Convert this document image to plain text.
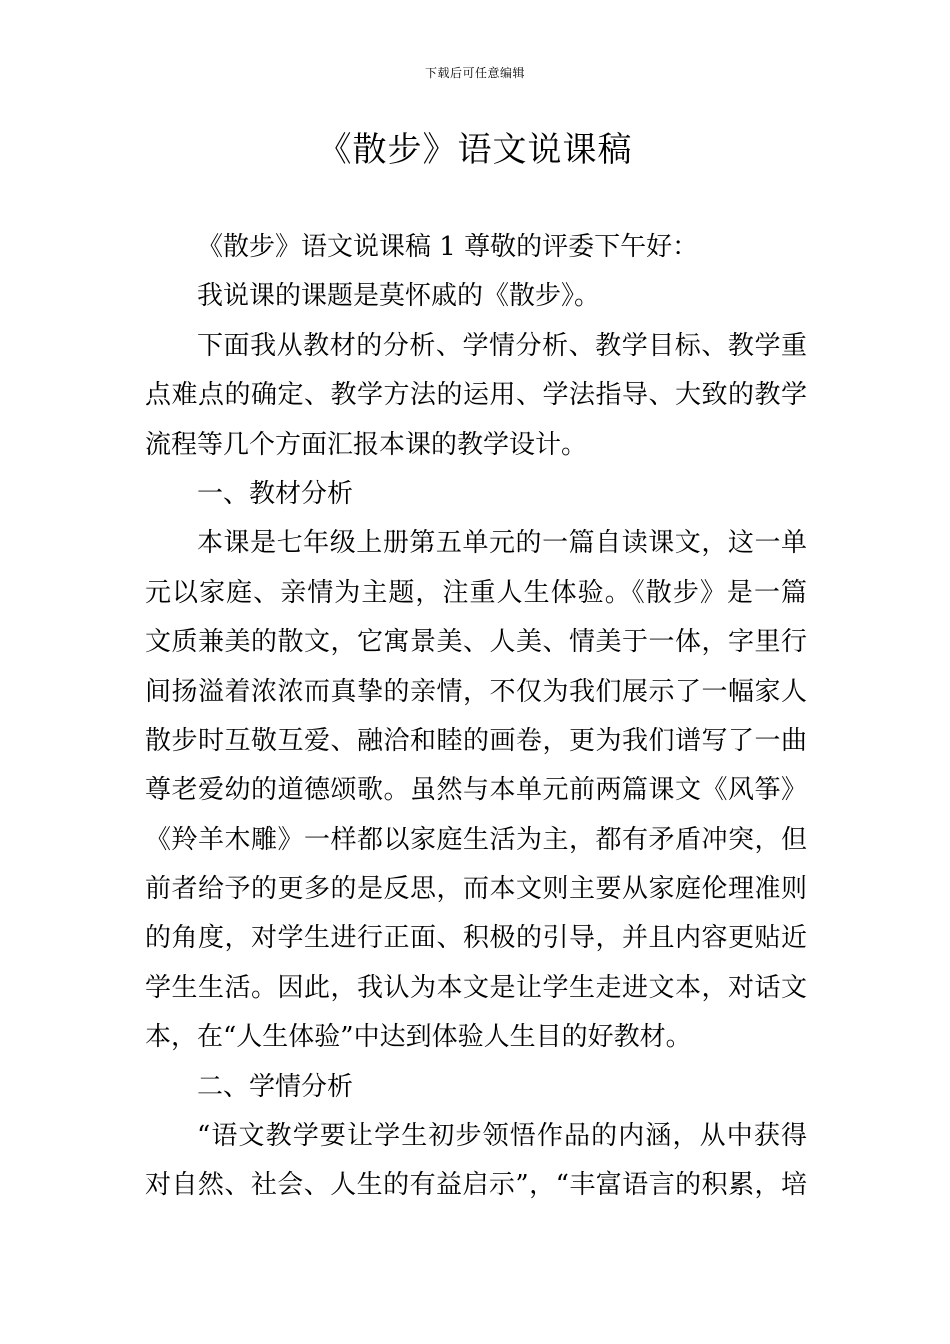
下载后可任意编辑
《散步》语文说课稿
《散步》语文说课稿 1 尊敬的评委下午好：
我说课的课题是莫怀戚的《散步》。
下面我从教材的分析、学情分析、教学目标、教学重
点难点的确定、教学方法的运用、学法指导、大致的教学
流程等几个方面汇报本课的教学设计。
一、教材分析
本课是七年级上册第五单元的一篇自读课文，这一单
元以家庭、亲情为主题，注重人生体验。《散步》是一篇
文质兼美的散文，它寓景美、人美、情美于一体，字里行
间扬溢着浓浓而真挚的亲情，不仅为我们展示了一幅家人
散步时互敬互爱、融洽和睦的画卷，更为我们谱写了一曲
尊老爱幼的道德颂歌。虽然与本单元前两篇课文《风筝》
《羚羊木雕》一样都以家庭生活为主，都有矛盾冲突，但
前者给予的更多的是反思，而本文则主要从家庭伦理准则
的角度，对学生进行正面、积极的引导，并且内容更贴近
学生生活。因此，我认为本文是让学生走进文本，对话文
本，在“人生体验”中达到体验人生目的好教材。
二、学情分析
“语文教学要让学生初步领悟作品的内涵，从中获得
对自然、社会、人生的有益启示”，“丰富语言的积累，培
